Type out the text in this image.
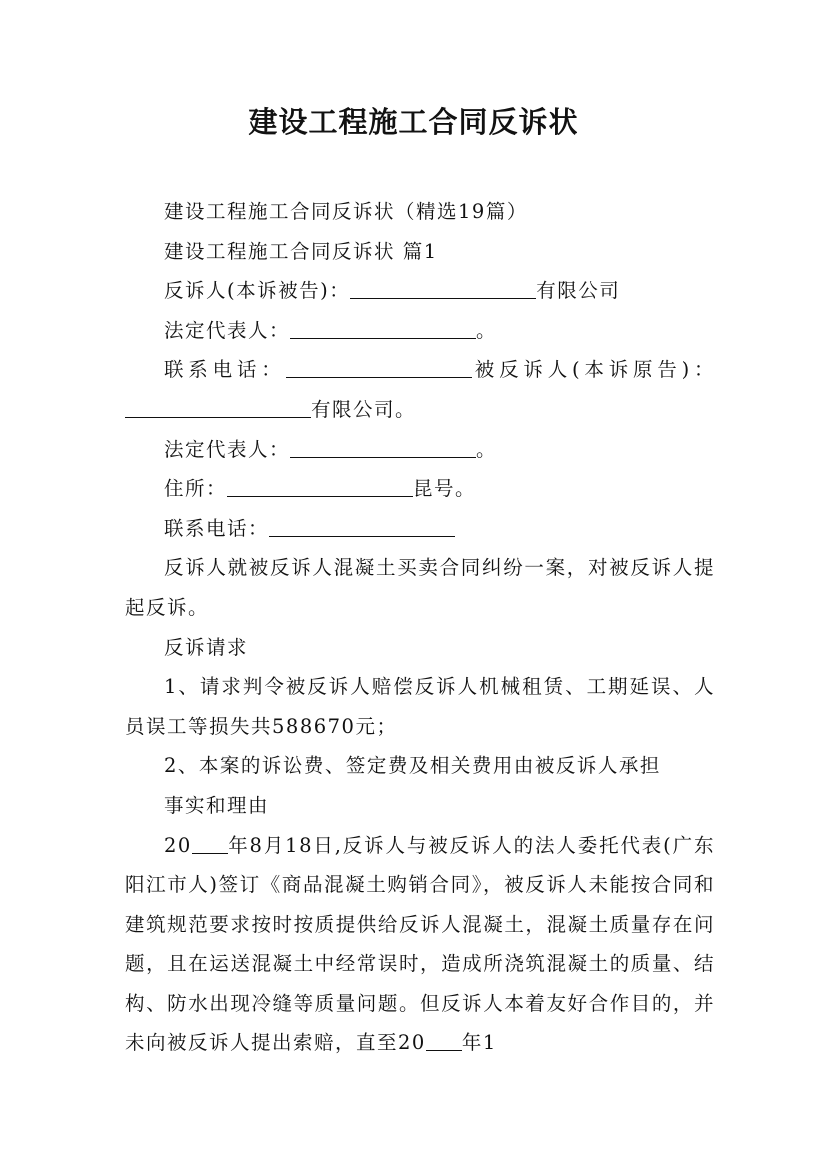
建设工程施工合同反诉状

建设工程施工合同反诉状（精选19篇）

建设工程施工合同反诉状 篇1

反诉人(本诉被告)：	有限公司

法定代表人：	。

联系电话：	被反诉人(本诉原告)：有限公司。

法定代表人：	。

住所：	昆号。

联系电话：

反诉人就被反诉人混凝土买卖合同纠纷一案，对被反诉人提起反诉。

反诉请求

1、请求判令被反诉人赔偿反诉人机械租赁、工期延误、人员误工等损失共588670元；

2、本案的诉讼费、签定费及相关费用由被反诉人承担

事实和理由

20 年8月18日,反诉人与被反诉人的法人委托代表(广东阳江市人)签订《商品混凝土购销合同》，被反诉人未能按合同和建筑规范要求按时按质提供给反诉人混凝土，混凝土质量存在问题，且在运送混凝土中经常误时，造成所浇筑混凝土的质量、结构、防水出现冷缝等质量问题。但反诉人本着友好合作目的，并未向被反诉人提出索赔，直至20 年1
